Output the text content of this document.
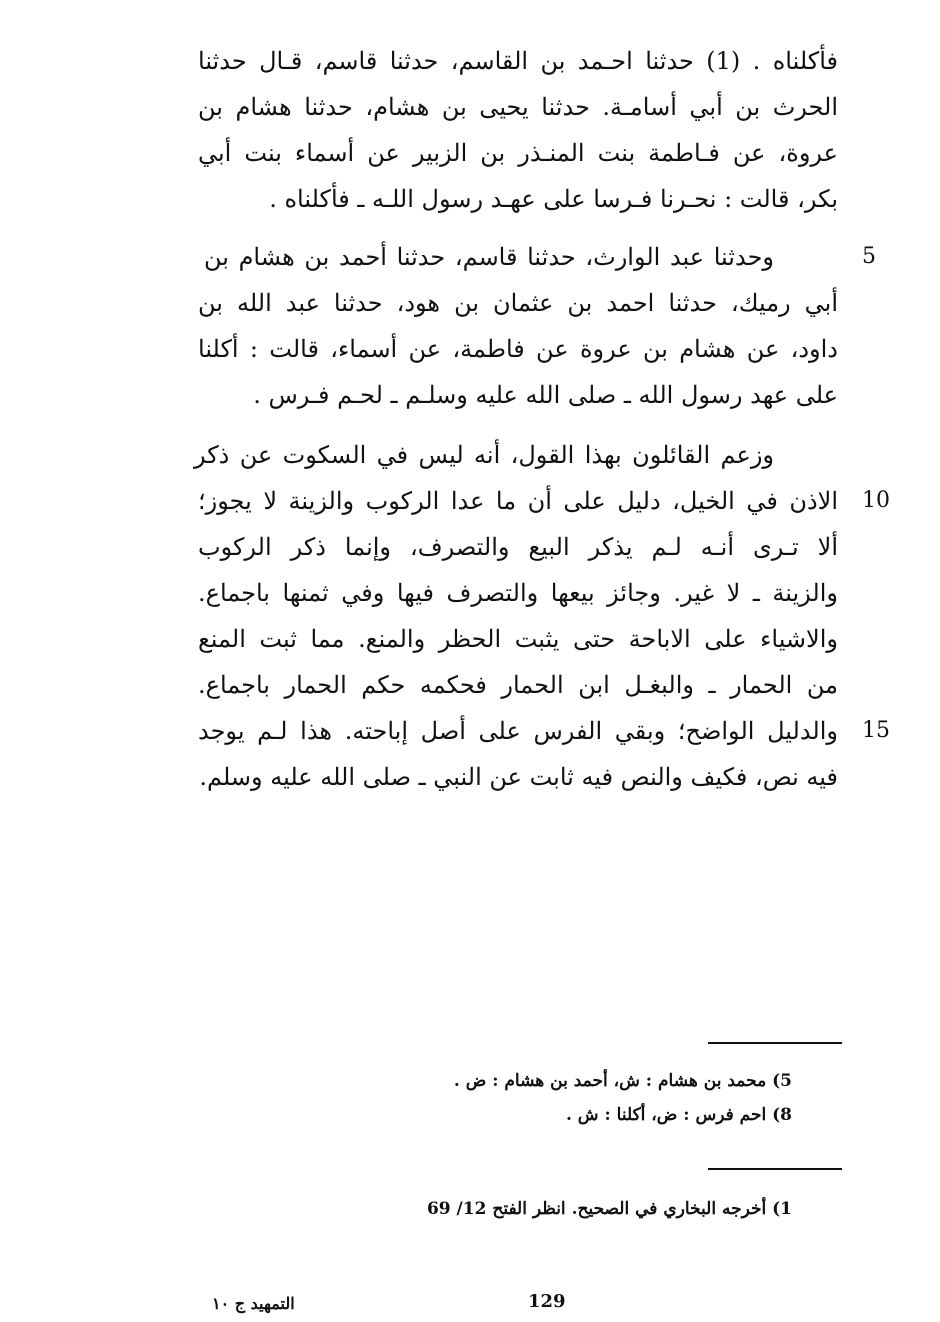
فأكلناه . (1) حدثنا احـمد بن القاسم، حدثنا قاسم، قـال حدثنا
الحرث بن أبي أسامـة. حدثنا يحيى بن هشام، حدثنا هشام بن
عروة، عن فـاطمة بنت المنـذر بن الزبير عن أسماء بنت أبي
بكر، قالت : نحـرنا فـرسا على عهـد رسول اللـه ـ فأكلناه .
5
وحدثنا عبد الوارث، حدثنا قاسم، حدثنا أحمد بن هشام بن
أبي رميك، حدثنا احمد بن عثمان بن هود، حدثنا عبد الله بن
داود، عن هشام بن عروة عن فاطمة، عن أسماء، قالت : أكلنا
على عهد رسول الله ـ صلى الله عليه وسلـم ـ لحـم فـرس .
وزعم القائلون بهذا القول، أنه ليس في السكوت عن ذكر
10
الاذن في الخيل، دليل على أن ما عدا الركوب والزينة لا يجوز؛
ألا تـرى أنـه لـم يذكر البيع والتصرف، وإنما ذكر الركوب
والزينة ـ لا غير. وجائز بيعها والتصرف فيها وفي ثمنها باجماع.
والاشياء على الاباحة حتى يثبت الحظر والمنع. مما ثبت المنع
من الحمار ـ والبغـل ابن الحمار فحكمه حكم الحمار باجماع.
15
والدليل الواضح؛ وبقي الفرس على أصل إباحته. هذا لـم يوجد
فيه نص، فكيف والنص فيه ثابت عن النبي ـ صلى الله عليه وسلم.
5) محمد بن هشام : ش، أحمد بن هشام : ض .
8) احم فرس : ض، أكلنا : ش .
1) أخرجه البخاري في الصحيح. انظر الفتح 12/ 69
129
التمهيد ج ١٠
